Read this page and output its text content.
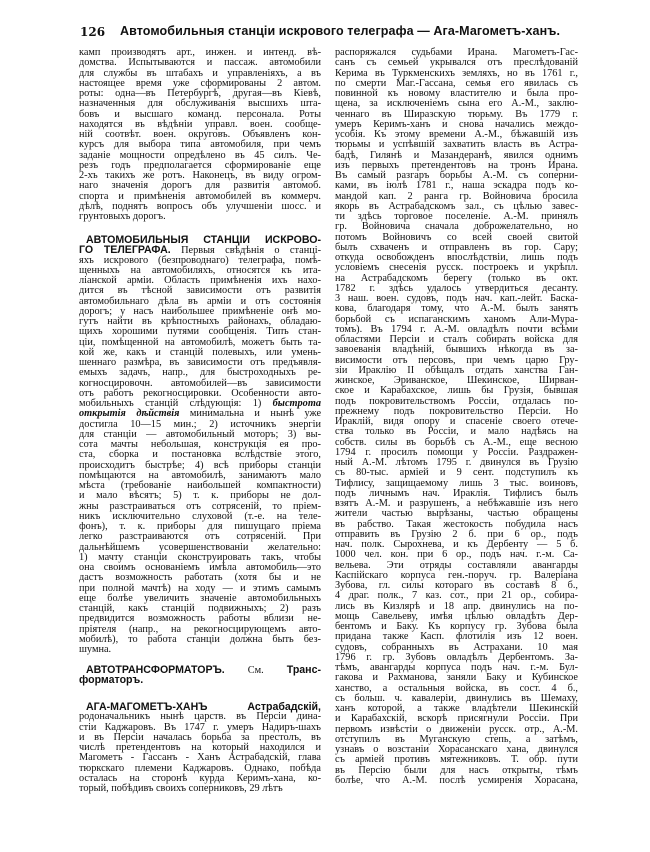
126 Автомобильныя станціи искрового телеграфа — Ага-Магометъ-ханъ.
камп производятъ арт., инжен. и интенд. вѣ-
домства. Испытываются и пассаж. автомобили
для службы въ штабахъ и управленіяхъ, а въ
настоящее время уже сформированы 2 автом.
роты: одна—въ Петербургѣ, другая—въ Кіевѣ,
назначенныя для обслуживанія высшихъ шта-
бовъ и высшаго команд. персонала. Роты
находятся въ вѣдѣніи управл. воен. сообще-
ній соотвѣт. воен. округовъ. Объявленъ кон-
курсъ для выбора типа автомобиля, при чемъ
заданіе мощности опредѣлено въ 45 силъ. Че-
резъ годъ предполагается сформированіе еще
2-хъ такихъ же ротъ. Наконецъ, въ виду огром-
наго значенія дорогъ для развитія автомоб.
спорта и примѣненія автомобилей въ коммерч.
дѣлѣ, поднятъ вопросъ объ улучшеніи шосс. и
грунтовыхъ дорогъ.
АВТОМОБИЛЬНЫЯ СТАНЦІИ ИСКРОВО-
ГО ТЕЛЕГРАФА. Первыя свѣдѣнія о станці-
яхъ искрового (безпроводнаго) телеграфа, помѣ-
щенныхъ на автомобиляхъ, относятся къ ита-
ліанской арміи. Область примѣненія ихъ нахо-
дится въ тѣсной зависимости отъ развитія
автомобильнаго дѣла въ арміи и отъ состоянія
дорогъ; у насъ наибольшее примѣненіе онѣ мо-
гутъ найти въ крѣпостныхъ районахъ, обладаю-
щихъ хорошими путями сообщенія. Типъ стан-
ціи, помѣщенной на автомобилѣ, можетъ быть та-
кой же, какъ и станцій полевыхъ, или умень-
шеннаго размѣра, въ зависимости отъ предъявля-
емыхъ задачъ, напр., для быстроходныхъ ре-
когносцировочн. автомобилей—въ зависимости
отъ работъ рекогносцировки. Особенности авто-
мобильныхъ станцій слѣдующія: 1) быстрота
открытія дѣйствія минимальна и нынѣ уже
достигла 10—15 мин.; 2) источникъ энергіи
для станціи — автомобильный моторъ; 3) вы-
сота мачты небольшая, конструкція ея про-
ста, сборка и постановка вслѣдствіе этого,
происходитъ быстрѣе; 4) всѣ приборы станціи
помѣщаются на автомобилѣ, занимаютъ мало
мѣста (требованіе наибольшей компактности)
и мало вѣсятъ; 5) т. к. приборы не дол-
жны разстраиваться отъ сотрясеній, то пріем-
никъ исключительно слуховой (т.-е. на теле-
фонъ), т. к. приборы для пишущаго пріема
легко разстраиваются отъ сотрясеній. При
дальнѣйшемъ усовершенствованіи желательно:
1) мачту станціи сконструировать такъ, чтобы
она своимъ основаніемъ имѣла автомобиль—это
дастъ возможность работать (хотя бы и не
при полной мачтѣ) на ходу — и этимъ самымъ
еще болѣе увеличить значеніе автомобильныхъ
станцій, какъ станцій подвижныхъ; 2) разъ
предвидится возможность работы вблизи не-
пріятеля (напр., на рекогносцирующемъ авто-
мобилѣ), то работа станціи должна быть без-
шумна.
АВТОТРАНСФОРМАТОРЪ. См. Транс-
форматоръ.
АГА-МАГОМЕТЪ-ХАНЪ Астрабадскій,
родоначальникъ нынѣ царств. въ Персіи дина-
стіи Каджаровъ. Въ 1747 г. умеръ Надиръ-шахъ
и въ Персіи началась борьба за престолъ, въ
числѣ претендентовъ на который находился и
Магометъ - Гассанъ - Ханъ Астрабадскій, глава
тюркскаго племени Каджаровъ. Однако, побѣда
осталась на сторонѣ курда Керимъ-хана, ко-
торый, побѣдивъ своихъ соперниковъ, 29 лѣтъ
распоряжался судьбами Ирана. Магометъ-Гас-
санъ съ семьей укрывался отъ преслѣдованій
Керима въ Туркменскихъ земляхъ, но въ 1761 г.,
по смерти Маг.-Гассана, семья его явилась съ
повинной къ новому властителю и была про-
щена, за исключеніемъ сына его А.-М., заклю-
ченнаго въ Ширазскую тюрьму. Въ 1779 г.
умеръ Керимъ-ханъ и снова начались междо-
усобія. Къ этому времени А.-М., бѣжавшій изъ
тюрьмы и успѣвшій захватить власть въ Астра-
бадѣ, Гилянѣ и Мазандеранѣ, явился однимъ
изъ первыхъ претендентовъ на тронъ Ирана.
Въ самый разгаръ борьбы А.-М. съ соперни-
ками, въ іюлѣ 1781 г., наша эскадра подъ ко-
мандой кап. 2 ранга гр. Войновича бросила
якорь въ Астрабадскомъ зал., съ цѣлью завес-
ти здѣсь торговое поселеніе. А.-М. принялъ
гр. Войновича сначала доброжелательно, но
потомъ Войновичъ со всей своей свитой
былъ схваченъ и отправленъ въ гор. Сару;
откуда освобожденъ впослѣдствіи, лишь подъ
условіемъ снесенія русск. построекъ и укрѣпл.
на Астрабадскомъ берегу (только въ окт.
1782 г. здѣсь удалось утвердиться десанту.
3 наш. воен. судовъ, подъ нач. кап.-лейт. Баска-
кова, благодаря тому, что А.-М. былъ занятъ
борьбой съ испаганскимъ ханомъ Али-Мура-
томъ). Въ 1794 г. А.-М. овладѣлъ почти всѣми
областями Персіи и сталъ собирать войска для
завоеванія владѣній, бывшихъ нѣкогда въ за-
висимости отъ персовъ, при чемъ царю Гру-
зіи Ираклію II обѣщалъ отдать ханства Ган-
жинское, Эриванское, Шекинское, Ширван-
ское и Карабахское, лишь бы Грузія, бывшая
подъ покровительствомъ Россіи, отдалась по-
прежнему подъ покровительство Персіи. Но
Ираклій, видя опору и спасеніе своего отече-
ства только въ Россіи, и мало надѣясь на
собств. силы въ борьбѣ съ А.-М., еще весною
1794 г. просилъ помощи у Россіи. Раздражен-
ный А.-М. лѣтомъ 1795 г. двинулся въ Грузію
съ 80-тыс. арміей и 9 сент. подступилъ къ
Тифлису, защищаемому лишь 3 тыс. воиновъ,
подъ личнымъ нач. Ираклія. Тифлисъ былъ
взятъ А.-М. и разрушенъ, а небѣжавшіе изъ него
жители частью вырѣзаны, частью обращены
въ рабство. Такая жестокость побудила насъ
отправить въ Грузію 2 б. при 6 ор., подъ
нач. полк. Сырохнева, и къ Дербенту — 5 б.
1000 чел. кон. при 6 ор., подъ нач. г.-м. Са-
вельева. Эти отряды составляли авангарды
Каспійскаго корпуса ген.-поруч. гр. Валеріана
Зубова, гл. силы котораго въ составѣ 8 б.,
4 драг. полк., 7 каз. сот., при 21 ор., собира-
лись въ Кизлярѣ и 18 апр. двинулись на по-
мощь Савельеву, имѣя цѣлью овладѣть Дер-
бентомъ и Баку. Къ корпусу гр. Зубова была
придана также Касп. флотилія изъ 12 воен.
судовъ, собранныхъ въ Астрахани. 10 мая
1796 г. гр. Зубовъ овладѣлъ Дербентомъ. За-
тѣмъ, авангарды корпуса подъ нач. г.-м. Бул-
гакова и Рахманова, заняли Баку и Кубинское
ханство, а остальныя войска, въ сост. 4 б.,
съ больш. ч. кавалеріи, двинулись въ Шемаху,
ханъ которой, а также владѣтели Шекинскій
и Карабахскій, вскорѣ присягнули Россіи. При
первомъ извѣстіи о движеніи русск. отр., А.-М.
отступилъ въ Муганскую степь, а затѣмъ,
узнавъ о возстаніи Хорасанскаго хана, двинулся
съ арміей противъ мятежниковъ. Т. обр. пути
въ Персію были для насъ открыты, тѣмъ
болѣе, что А.-М. послѣ усмиренія Хорасана,
